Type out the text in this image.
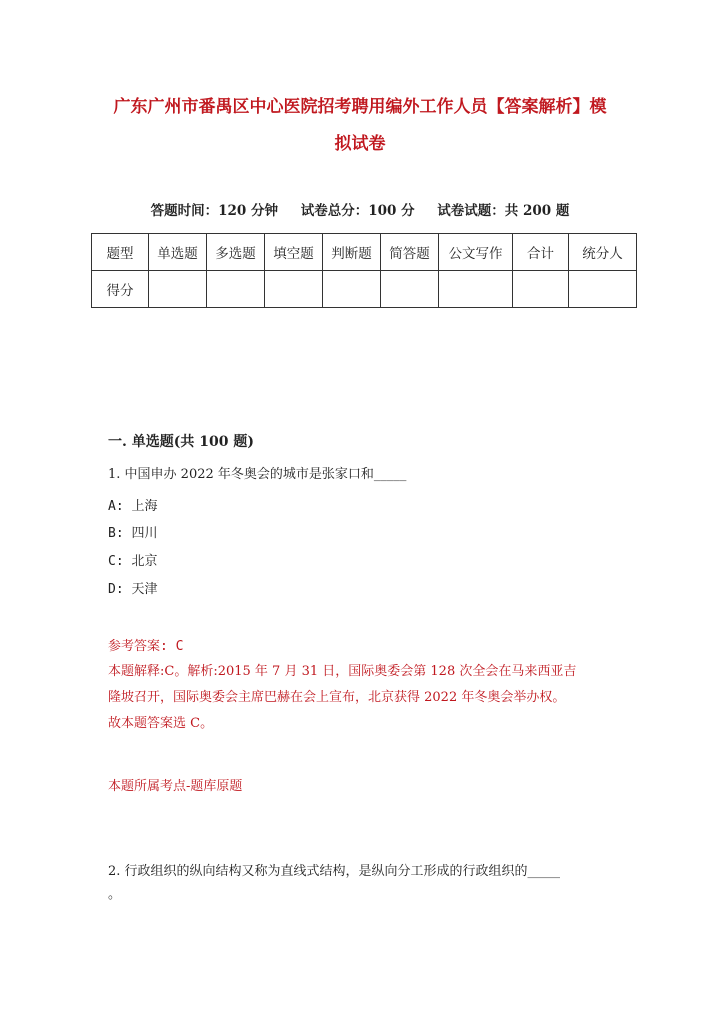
广东广州市番禺区中心医院招考聘用编外工作人员【答案解析】模
拟试卷
答题时间：120 分钟 试卷总分：100 分 试卷试题：共 200 题
题型	单选题	多选题	填空题	判断题	简答题	公文写作	合计	统分人
得分								
一. 单选题(共 100 题)
1. 中国申办 2022 年冬奥会的城市是张家口和_____
A: 上海
B: 四川
C: 北京
D: 天津
参考答案: C
本题解释:C。解析:2015 年 7 月 31 日，国际奥委会第 128 次全会在马来西亚吉
隆坡召开，国际奥委会主席巴赫在会上宣布，北京获得 2022 年冬奥会举办权。
故本题答案选 C。
本题所属考点-题库原题
2. 行政组织的纵向结构又称为直线式结构，是纵向分工形成的行政组织的_____
。
